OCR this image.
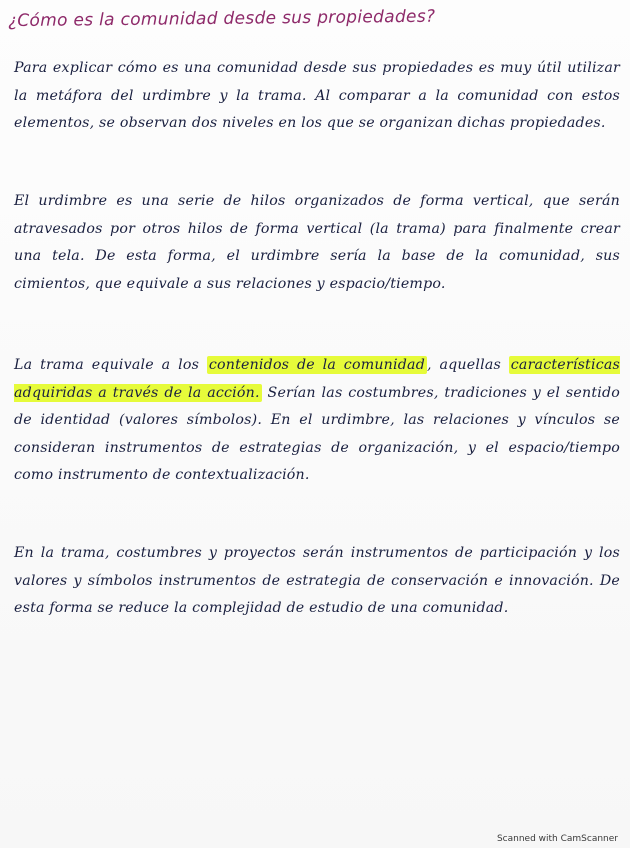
¿Cómo es la comunidad desde sus propiedades?
Para explicar cómo es una comunidad desde sus propiedades es muy útil utilizar la metáfora del urdimbre y la trama. Al comparar a la comunidad con estos elementos, se observan dos niveles en los que se organizan dichas propiedades.
El urdimbre es una serie de hilos organizados de forma vertical, que serán atravesados por otros hilos de forma vertical (la trama) para finalmente crear una tela. De esta forma, el urdimbre sería la base de la comunidad, sus cimientos, que equivale a sus relaciones y espacio/tiempo.
La trama equivale a los contenidos de la comunidad , aquellas características adquiridas a través de la acción. Serían las costumbres, tradiciones y el sentido de identidad (valores símbolos). En el urdimbre, las relaciones y vínculos se consideran instrumentos de estrategias de organización, y el espacio/tiempo como instrumento de contextualización.
En la trama, costumbres y proyectos serán instrumentos de participación y los valores y símbolos instrumentos de estrategia de conservación e innovación. De esta forma se reduce la complejidad de estudio de una comunidad.
Scanned with CamScanner
